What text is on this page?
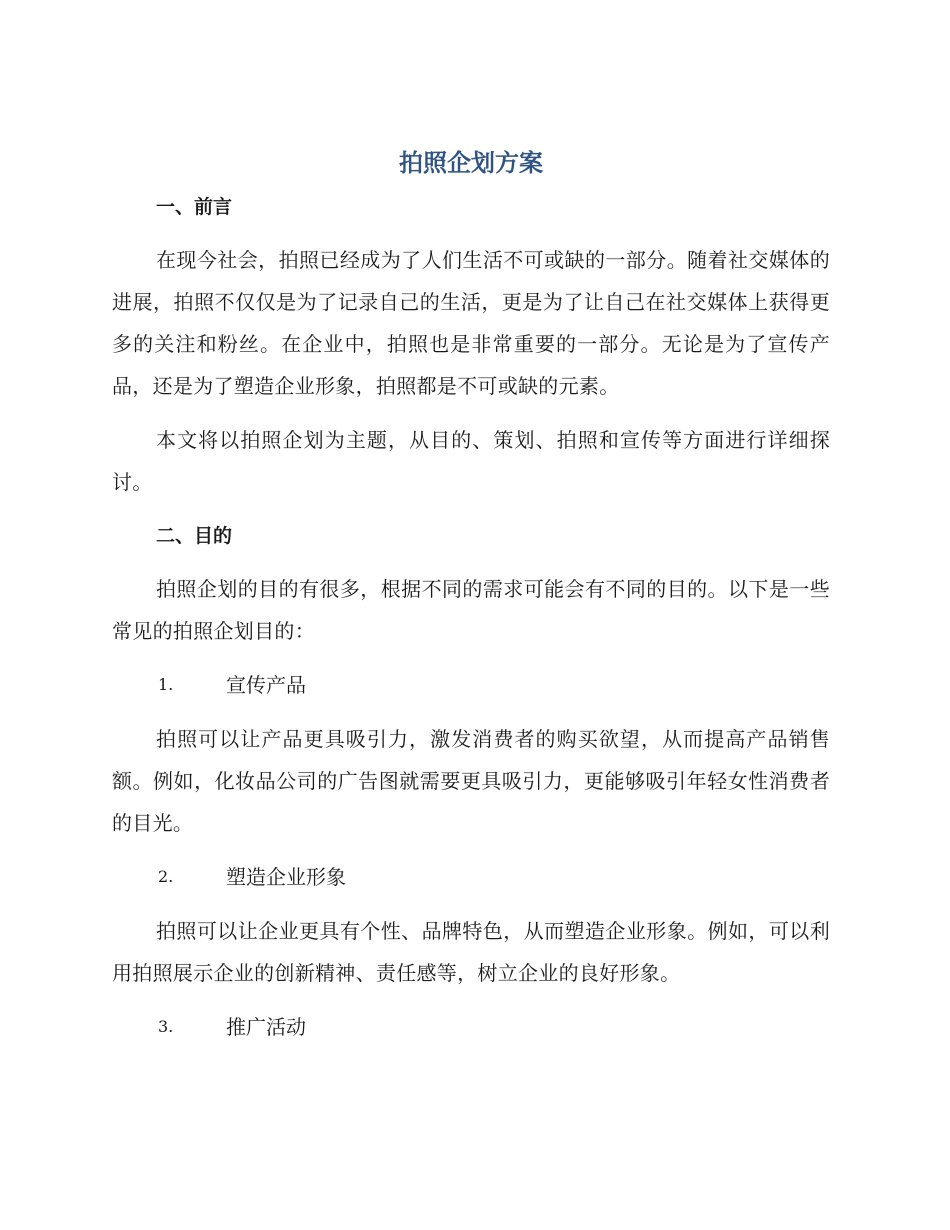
拍照企划方案
一、前言

在现今社会，拍照已经成为了人们生活不可或缺的一部分。随着社交媒体的进展，拍照不仅仅是为了记录自己的生活，更是为了让自己在社交媒体上获得更多的关注和粉丝。在企业中，拍照也是非常重要的一部分。无论是为了宣传产品，还是为了塑造企业形象，拍照都是不可或缺的元素。

本文将以拍照企划为主题，从目的、策划、拍照和宣传等方面进行详细探讨。

二、目的

拍照企划的目的有很多，根据不同的需求可能会有不同的目的。以下是一些常见的拍照企划目的：

1.	宣传产品

拍照可以让产品更具吸引力，激发消费者的购买欲望，从而提高产品销售额。例如，化妆品公司的广告图就需要更具吸引力，更能够吸引年轻女性消费者的目光。

2.	塑造企业形象

拍照可以让企业更具有个性、品牌特色，从而塑造企业形象。例如，可以利用拍照展示企业的创新精神、责任感等，树立企业的良好形象。

3.	推广活动
